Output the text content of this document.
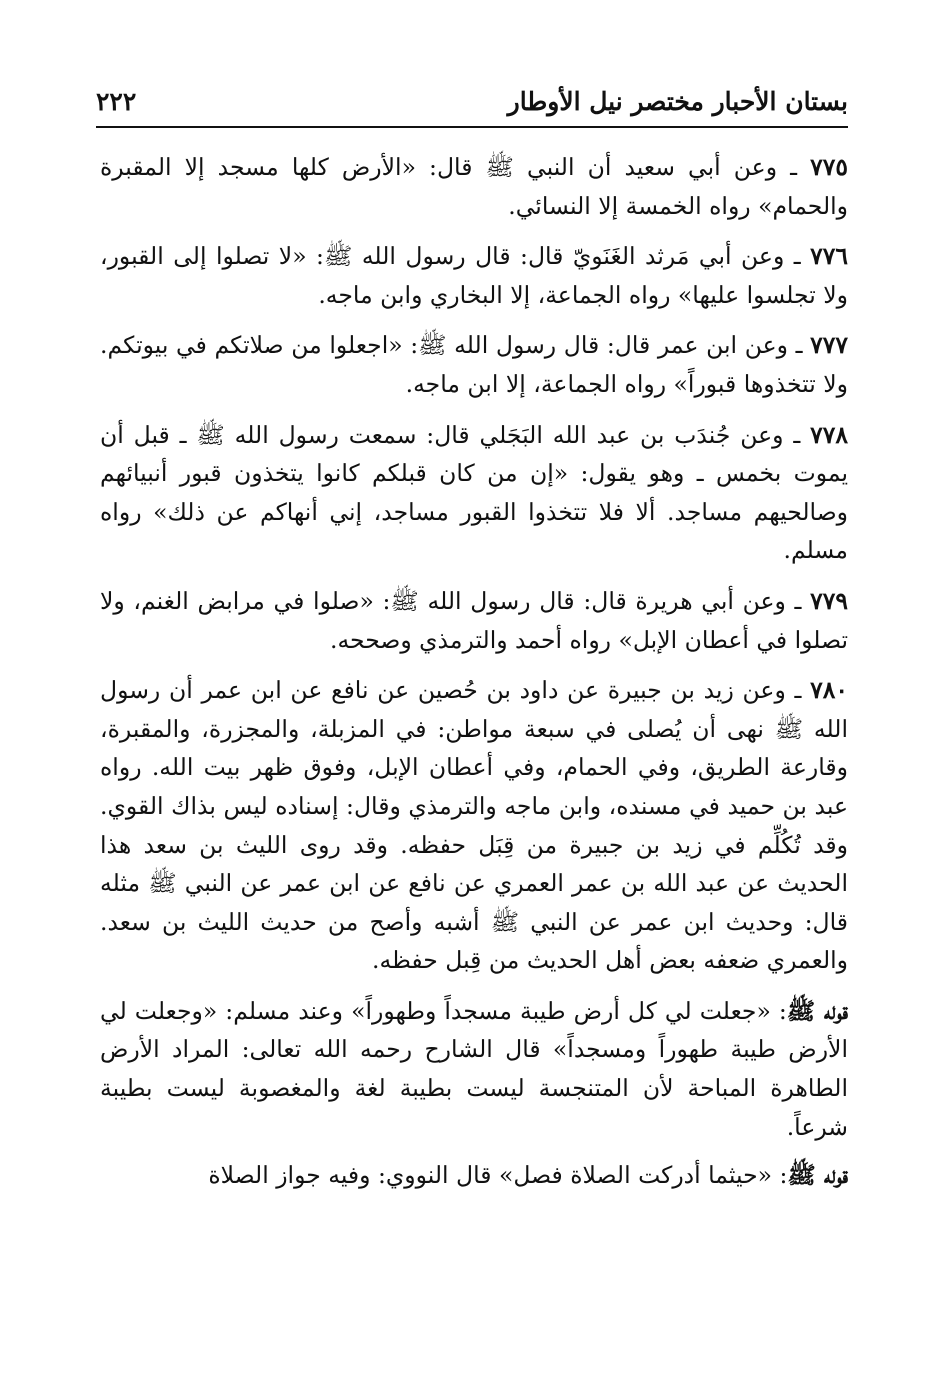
بستان الأحبار مختصر نيل الأوطار
٢٢٢

٧٧٥ ـ وعن أبي سعيد أن النبي ﷺ قال: «الأرض كلها مسجد إلا المقبرة والحمام» رواه الخمسة إلا النسائي.

٧٧٦ ـ وعن أبي مَرثد الغَنَويّ قال: قال رسول الله ﷺ: «لا تصلوا إلى القبور، ولا تجلسوا عليها» رواه الجماعة، إلا البخاري وابن ماجه.

٧٧٧ ـ وعن ابن عمر قال: قال رسول الله ﷺ: «اجعلوا من صلاتكم في بيوتكم. ولا تتخذوها قبوراً» رواه الجماعة، إلا ابن ماجه.

٧٧٨ ـ وعن جُندَب بن عبد الله البَجَلي قال: سمعت رسول الله ﷺ ـ قبل أن يموت بخمس ـ وهو يقول: «إن من كان قبلكم كانوا يتخذون قبور أنبيائهم وصالحيهم مساجد. ألا فلا تتخذوا القبور مساجد، إني أنهاكم عن ذلك» رواه مسلم.

٧٧٩ ـ وعن أبي هريرة قال: قال رسول الله ﷺ: «صلوا في مرابض الغنم، ولا تصلوا في أعطان الإبل» رواه أحمد والترمذي وصححه.

٧٨٠ ـ وعن زيد بن جبيرة عن داود بن حُصين عن نافع عن ابن عمر أن رسول الله ﷺ نهى أن يُصلى في سبعة مواطن: في المزبلة، والمجزرة، والمقبرة، وقارعة الطريق، وفي الحمام، وفي أعطان الإبل، وفوق ظهر بيت الله. رواه عبد بن حميد في مسنده، وابن ماجه والترمذي وقال: إسناده ليس بذاك القوي. وقد تُكُلِّم في زيد بن جبيرة من قِبَل حفظه. وقد روى الليث بن سعد هذا الحديث عن عبد الله بن عمر العمري عن نافع عن ابن عمر عن النبي ﷺ مثله قال: وحديث ابن عمر عن النبي ﷺ أشبه وأصح من حديث الليث بن سعد. والعمري ضعفه بعض أهل الحديث من قِبل حفظه.

قوله ﷺ: «جعلت لي كل أرض طيبة مسجداً وطهوراً» وعند مسلم: «وجعلت لي الأرض طيبة طهوراً ومسجداً» قال الشارح رحمه الله تعالى: المراد الأرض الطاهرة المباحة لأن المتنجسة ليست بطيبة لغة والمغصوبة ليست بطيبة شرعاً.

قوله ﷺ: «حيثما أدركت الصلاة فصل» قال النووي: وفيه جواز الصلاة
